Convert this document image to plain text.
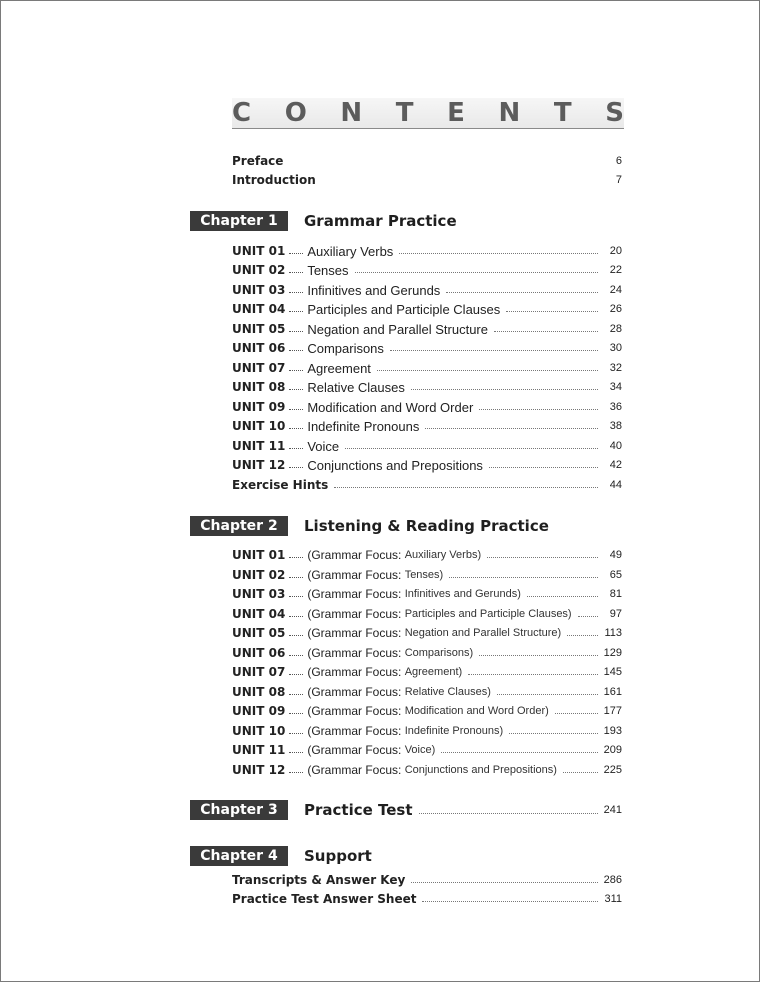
C O N T E N T S
Preface	6
Introduction	7
Chapter 1	Grammar Practice
UNIT 01 Auxiliary Verbs	20
UNIT 02 Tenses	22
UNIT 03 Infinitives and Gerunds	24
UNIT 04 Participles and Participle Clauses	26
UNIT 05 Negation and Parallel Structure	28
UNIT 06 Comparisons	30
UNIT 07 Agreement	32
UNIT 08 Relative Clauses	34
UNIT 09 Modification and Word Order	36
UNIT 10 Indefinite Pronouns	38
UNIT 11 Voice	40
UNIT 12 Conjunctions and Prepositions	42
Exercise Hints	44
Chapter 2	Listening & Reading Practice
UNIT 01 (Grammar Focus:
Auxiliary Verbs)	49
UNIT 02 (Grammar Focus:
Tenses)	65
UNIT 03 (Grammar Focus:
Infinitives and Gerunds)	81
UNIT 04 (Grammar Focus:
Participles and Participle Clauses)	97
UNIT 05 (Grammar Focus:
Negation and Parallel Structure)	113
UNIT 06 (Grammar Focus:
Comparisons)	129
UNIT 07 (Grammar Focus:
Agreement)	145
UNIT 08 (Grammar Focus:
Relative Clauses)	161
UNIT 09 (Grammar Focus:
Modification and Word Order)	177
UNIT 10 (Grammar Focus:
Indefinite Pronouns)	193
UNIT 11 (Grammar Focus:
Voice)	209
UNIT 12 (Grammar Focus:
Conjunctions and Prepositions)	225
Chapter 3	Practice Test	241
Chapter 4	Support
Transcripts & Answer Key	286
Practice Test Answer Sheet	311
